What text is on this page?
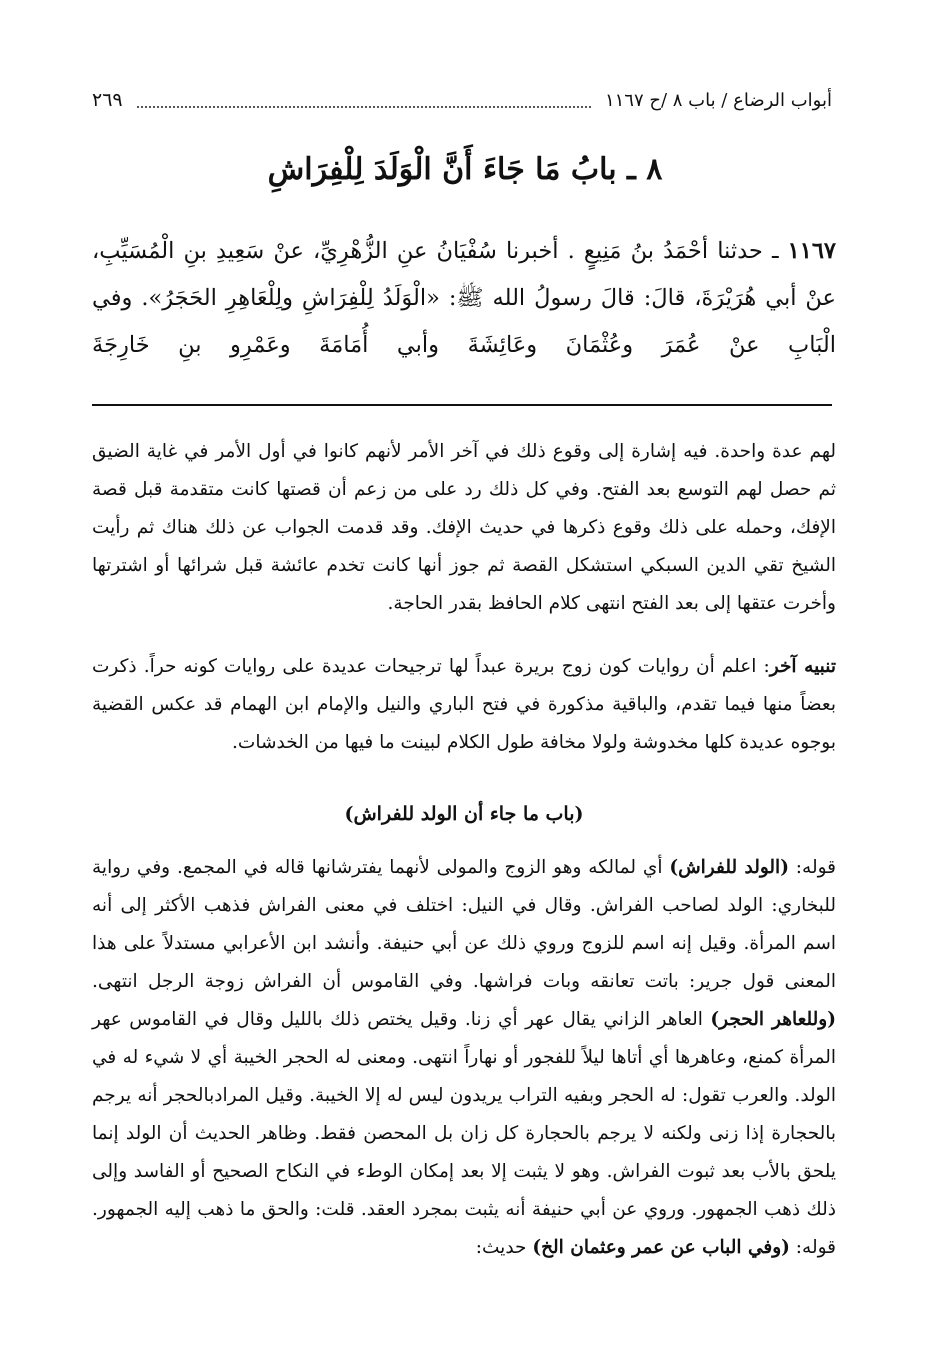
أبواب الرضاع / باب ٨ /ح ١١٦٧
٢٦٩
٨ ـ بابُ مَا جَاءَ أَنَّ الْوَلَدَ لِلْفِرَاشِ

١١٦٧ ـ حدثنا أحْمَدُ بنُ مَنِيعٍ . أخبرنا سُفْيَانُ عنِ الزُّهْرِيِّ، عنْ سَعِيدِ بنِ الْمُسَيِّبِ، عنْ أبي هُرَيْرَةَ، قالَ: قالَ رسولُ الله ﷺ: «الْوَلَدُ لِلْفِرَاشِ ولِلْعَاهِرِ الحَجَرُ». وفي الْبَابِ عنْ عُمَرَ وعُثْمَانَ وعَائِشَةَ وأبي أُمَامَةَ وعَمْرِو بنِ خَارِجَةَ

لهم عدة واحدة. فيه إشارة إلى وقوع ذلك في آخر الأمر لأنهم كانوا في أول الأمر في غاية الضيق ثم حصل لهم التوسع بعد الفتح. وفي كل ذلك رد على من زعم أن قصتها كانت متقدمة قبل قصة الإفك، وحمله على ذلك وقوع ذكرها في حديث الإفك. وقد قدمت الجواب عن ذلك هناك ثم رأيت الشيخ تقي الدين السبكي استشكل القصة ثم جوز أنها كانت تخدم عائشة قبل شرائها أو اشترتها وأخرت عتقها إلى بعد الفتح انتهى كلام الحافظ بقدر الحاجة.

تنبيه آخر: اعلم أن روايات كون زوج بريرة عبداً لها ترجيحات عديدة على روايات كونه حراً. ذكرت بعضاً منها فيما تقدم، والباقية مذكورة في فتح الباري والنيل والإمام ابن الهمام قد عكس القضية بوجوه عديدة كلها مخدوشة ولولا مخافة طول الكلام لبينت ما فيها من الخدشات.

(باب ما جاء أن الولد للفراش)

قوله: (الولد للفراش) أي لمالكه وهو الزوج والمولى لأنهما يفترشانها قاله في المجمع. وفي رواية للبخاري: الولد لصاحب الفراش. وقال في النيل: اختلف في معنى الفراش فذهب الأكثر إلى أنه اسم المرأة. وقيل إنه اسم للزوج وروي ذلك عن أبي حنيفة. وأنشد ابن الأعرابي مستدلاً على هذا المعنى قول جرير: باتت تعانقه وبات فراشها. وفي القاموس أن الفراش زوجة الرجل انتهى. (وللعاهر الحجر) العاهر الزاني يقال عهر أي زنا. وقيل يختص ذلك بالليل وقال في القاموس عهر المرأة كمنع، وعاهرها أي أتاها ليلاً للفجور أو نهاراً انتهى. ومعنى له الحجر الخيبة أي لا شيء له في الولد. والعرب تقول: له الحجر وبفيه التراب يريدون ليس له إلا الخيبة. وقيل المرادبالحجر أنه يرجم بالحجارة إذا زنى ولكنه لا يرجم بالحجارة كل زان بل المحصن فقط. وظاهر الحديث أن الولد إنما يلحق بالأب بعد ثبوت الفراش. وهو لا يثبت إلا بعد إمكان الوطء في النكاح الصحيح أو الفاسد وإلى ذلك ذهب الجمهور. وروي عن أبي حنيفة أنه يثبت بمجرد العقد. قلت: والحق ما ذهب إليه الجمهور. قوله: (وفي الباب عن عمر وعثمان الخ) حديث:
